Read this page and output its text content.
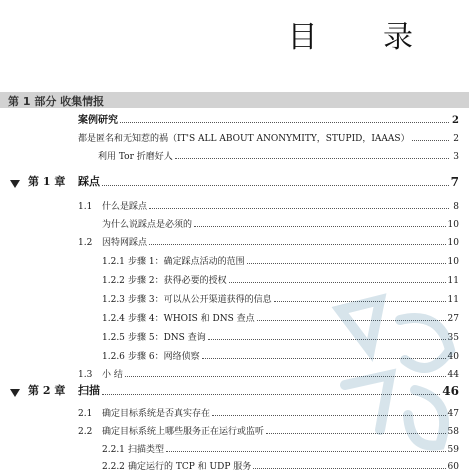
目 录
第 1 部分 收集情报
案例研究	2
都是匿名和无知惹的祸（IT'S ALL ABOUT ANONYMITY，STUPID，IAAAS）	2
利用 Tor 折磨好人	3
第 1 章	踩点	7
1.1	什么是踩点	8
为什么说踩点是必须的	10
1.2	因特网踩点	10
1.2.1 步骤 1：确定踩点活动的范围	10
1.2.2 步骤 2：获得必要的授权	11
1.2.3 步骤 3：可以从公开渠道获得的信息	11
1.2.4 步骤 4：WHOIS 和 DNS 查点	27
1.2.5 步骤 5：DNS 查询	35
1.2.6 步骤 6：网络侦察	40
1.3	小 结	44
第 2 章	扫描	46
2.1	确定目标系统是否真实存在	47
2.2	确定目标系统上哪些服务正在运行或监听	58
2.2.1 扫描类型	59
2.2.2 确定运行的 TCP 和 UDP 服务	60
